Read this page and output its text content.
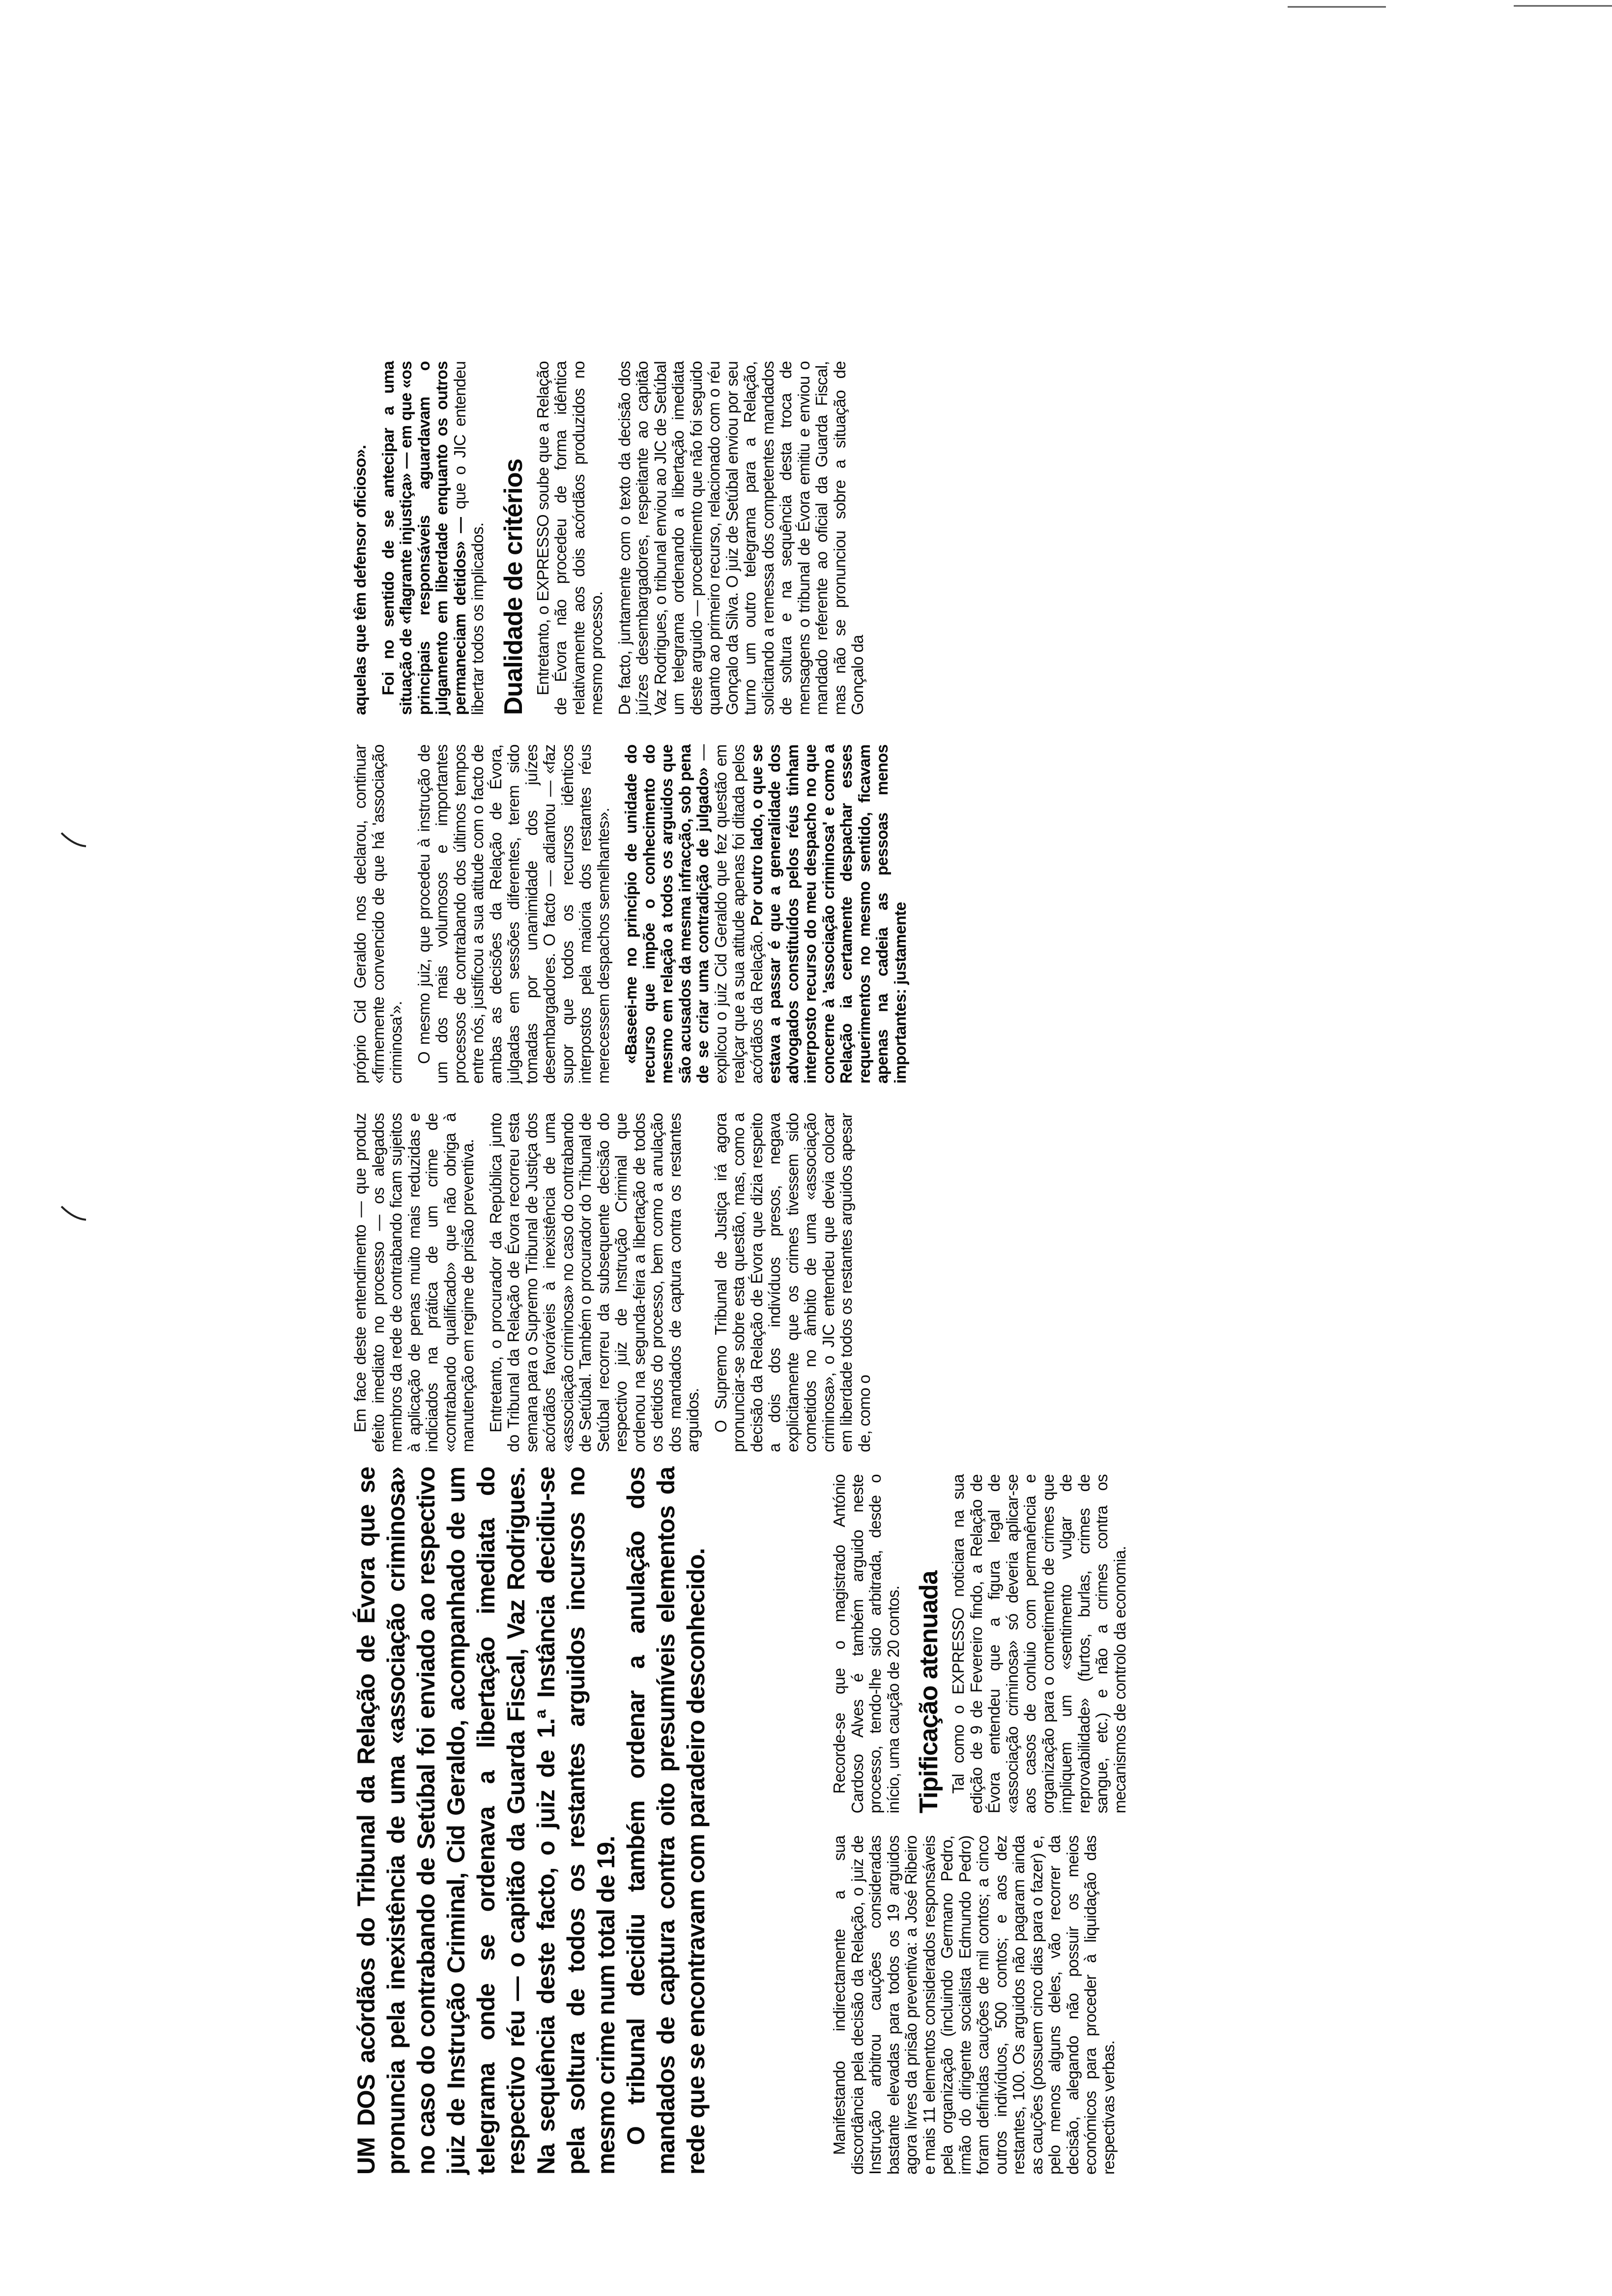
UM DOS acórdãos do Tribunal da Relação de Évora que se pronuncia pela inexistência de uma «associação criminosa» no caso do contrabando de Setúbal foi enviado ao respectivo juiz de Instrução Criminal, Cid Geraldo, acompanhado de um telegrama onde se ordenava a libertação imediata do respectivo réu — o capitão da Guarda Fiscal, Vaz Rodrigues. Na sequência deste facto, o juiz de 1.ª Instância decidiu-se pela soltura de todos os restantes arguidos incursos no mesmo crime num total de 19. O tribunal decidiu também ordenar a anulação dos mandados de captura contra oito presumíveis elementos da rede que se encontravam com paradeiro desconhecido.	Manifestando indirectamente a sua discordância pela decisão da Relação, o juiz de Instrução arbitrou cauções consideradas bastante elevadas para todos os 19 arguidos agora livres da prisão preventiva: a José Ribeiro e mais 11 elementos considerados responsáveis pela organização (incluindo Germano Pedro, irmão do dirigente socialista Edmundo Pedro) foram definidas cauções de mil contos; a cinco outros indivíduos, 500 contos; e aos dez restantes, 100. Os arguidos não pagaram ainda as cauções (possuem cinco dias para o fazer) e, pelo menos alguns deles, vão recorrer da decisão, alegando não possuir os meios económicos para proceder à liquidação das respectivas verbas.

Recorde-se que o magistrado António Cardoso Alves é também arguido neste processo, tendo-lhe sido arbitrada, desde o início, uma caução de 20 contos. Tipificação atenuada Tal como o EXPRESSO noticiara na sua edição de 9 de Fevereiro findo, a Relação de Évora entendeu que a figura legal de «associação criminosa» só deveria aplicar-se aos casos de conluio com permanência e organização para o cometimento de crimes que impliquem um «sentimento vulgar de reprovabilidade» (furtos, burlas, crimes de sangue, etc.) e não a crimes contra os mecanismos de controlo da economia.

Em face deste entendimento — que produz efeito imediato no processo — os alegados membros da rede de contrabando ficam sujeitos à aplicação de penas muito mais reduzidas e indiciados na prática de um crime de «contrabando qualificado» que não obriga à manutenção em regime de prisão preventiva. Entretanto, o procurador da República junto do Tribunal da Relação de Évora recorreu esta semana para o Supremo Tribunal de Justiça dos acórdãos favoráveis à inexistência de uma «associação criminosa» no caso do contrabando de Setúbal. Também o procurador do Tribunal de Setúbal recorreu da subsequente decisão do respectivo juiz de Instrução Criminal que ordenou na segunda-feira a libertação de todos os detidos do processo, bem como a anulação dos mandados de captura contra os restantes arguidos. O Supremo Tribunal de Justiça irá agora pronunciar-se sobre esta questão, mas, como a decisão da Relação de Évora que dizia respeito a dois dos indivíduos presos, negava explicitamente que os crimes tivessem sido cometidos no âmbito de uma «associação criminosa», o JIC entendeu que devia colocar em liberdade todos os restantes arguidos apesar de, como o

próprio Cid Geraldo nos declarou, continuar «firmemente convencido de que há 'associação criminosa'». O mesmo juiz, que procedeu à instrução de um dos mais volumosos e importantes processos de contrabando dos últimos tempos entre nós, justificou a sua atitude com o facto de ambas as decisões da Relação de Évora, julgadas em sessões diferentes, terem sido tomadas por unanimidade dos juízes desembargadores. O facto — adiantou — «faz supor que todos os recursos idênticos interpostos pela maioria dos restantes réus merecessem despachos semelhantes». «Baseei-me no princípio de unidade do recurso que impõe o conhecimento do mesmo em relação a todos os arguidos que são acusados da mesma infracção, sob pena de se criar uma contradição de julgado» — explicou o juiz Cid Geraldo que fez questão em realçar que a sua atitude apenas foi ditada pelos acórdãos da Relação. Por outro lado, o que se estava a passar é que a generalidade dos advogados constituídos pelos réus tinham interposto recurso do meu despacho no que concerne à 'associação criminosa' e como a Relação ia certamente despachar esses requerimentos no mesmo sentido, ficavam apenas na cadeia as pessoas menos importantes: justamente

aquelas que têm defensor oficioso». Foi no sentido de se antecipar a uma situação de «flagrante injustiça» — em que «os principais responsáveis aguardavam o julgamento em liberdade enquanto os outros permaneciam detidos» — que o JIC entendeu libertar todos os implicados. Dualidade de critérios Entretanto, o EXPRESSO soube que a Relação de Évora não procedeu de forma idêntica relativamente aos dois acórdãos produzidos no mesmo processo. De facto, juntamente com o texto da decisão dos juízes desembargadores, respeitante ao capitão Vaz Rodrigues, o tribunal enviou ao JIC de Setúbal um telegrama ordenando a libertação imediata deste arguido — procedimento que não foi seguido quanto ao primeiro recurso, relacionado com o réu Gonçalo da Silva. O juiz de Setúbal enviou por seu turno um outro telegrama para a Relação, solicitando a remessa dos competentes mandados de soltura e na sequência desta troca de mensagens o tribunal de Évora emitiu e enviou o mandado referente ao oficial da Guarda Fiscal, mas não se pronunciou sobre a situação de Gonçalo da
